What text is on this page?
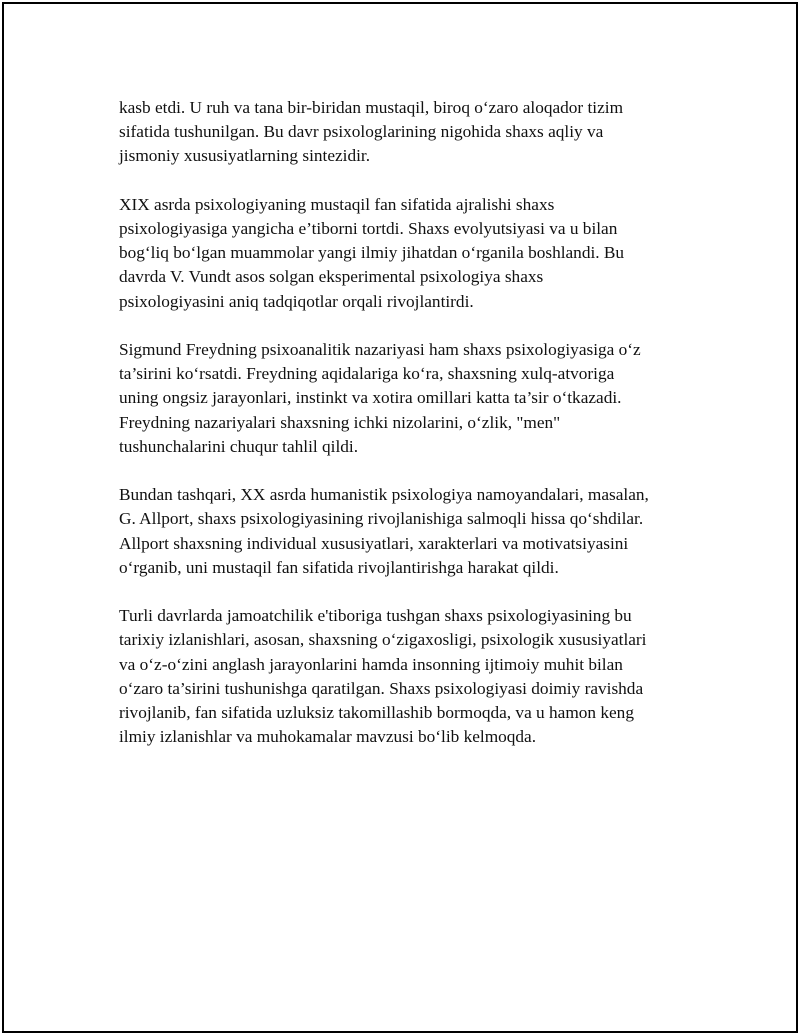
kasb etdi. U ruh va tana bir-biridan mustaqil, biroq o‘zaro aloqador tizim
sifatida tushunilgan. Bu davr psixologlarining nigohida shaxs aqliy va
jismoniy xususiyatlarning sintezidir.

XIX asrda psixologiyaning mustaqil fan sifatida ajralishi shaxs
psixologiyasiga yangicha e’tiborni tortdi. Shaxs evolyutsiyasi va u bilan
bog‘liq bo‘lgan muammolar yangi ilmiy jihatdan o‘rganila boshlandi. Bu
davrda V. Vundt asos solgan eksperimental psixologiya shaxs
psixologiyasini aniq tadqiqotlar orqali rivojlantirdi.

Sigmund Freydning psixoanalitik nazariyasi ham shaxs psixologiyasiga o‘z
ta’sirini ko‘rsatdi. Freydning aqidalariga ko‘ra, shaxsning xulq-atvoriga
uning ongsiz jarayonlari, instinkt va xotira omillari katta ta’sir o‘tkazadi.
Freydning nazariyalari shaxsning ichki nizolarini, o‘zlik, "men"
tushunchalarini chuqur tahlil qildi.

Bundan tashqari, XX asrda humanistik psixologiya namoyandalari, masalan,
G. Allport, shaxs psixologiyasining rivojlanishiga salmoqli hissa qo‘shdilar.
Allport shaxsning individual xususiyatlari, xarakterlari va motivatsiyasini
o‘rganib, uni mustaqil fan sifatida rivojlantirishga harakat qildi.

Turli davrlarda jamoatchilik e'tiboriga tushgan shaxs psixologiyasining bu
tarixiy izlanishlari, asosan, shaxsning o‘zigaxosligi, psixologik xususiyatlari
va o‘z-o‘zini anglash jarayonlarini hamda insonning ijtimoiy muhit bilan
o‘zaro ta’sirini tushunishga qaratilgan. Shaxs psixologiyasi doimiy ravishda
rivojlanib, fan sifatida uzluksiz takomillashib bormoqda, va u hamon keng
ilmiy izlanishlar va muhokamalar mavzusi bo‘lib kelmoqda.
